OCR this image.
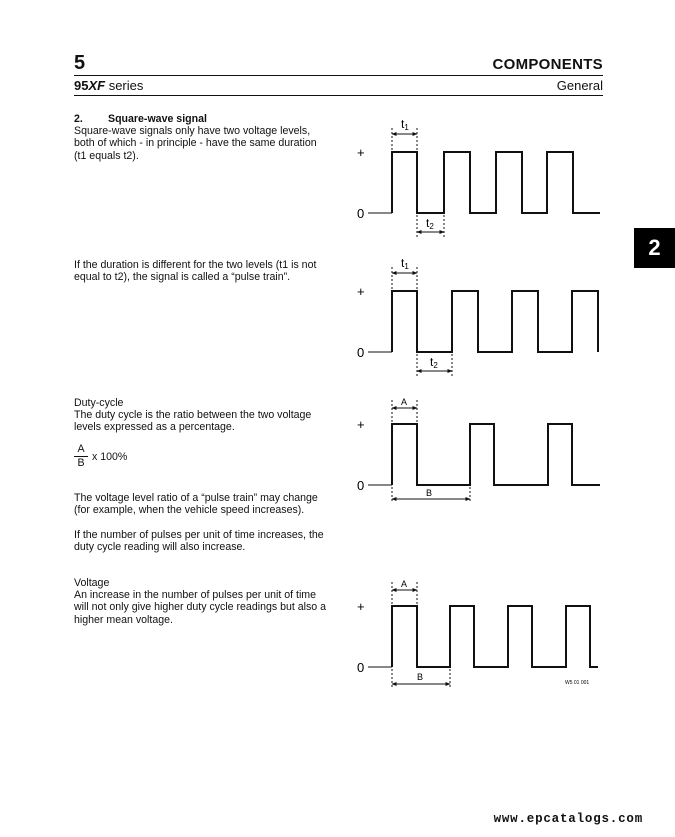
5	COMPONENTS
95XF series	General
2
2. Square-wave signal
Square-wave signals only have two voltage levels, both of which - in principle - have the same duration (t1 equals t2).
If the duration is different for the two levels (t1 is not equal to t2), the signal is called a “pulse train”.
Duty-cycle
The duty cycle is the ratio between the two voltage levels expressed as a percentage.
A
B
x 100%
The voltage level ratio of a “pulse train” may change (for example, when the vehicle speed increases).
If the number of pulses per unit of time increases, the duty cycle reading will also increase.
Voltage
An increase in the number of pulses per unit of time will not only give higher duty cycle readings but also a higher mean voltage.
+
0
t1
t2
+
0
t1
t2
+
0
A
B
+
0
A
B
W5 01 001
www.epcatalogs.com
